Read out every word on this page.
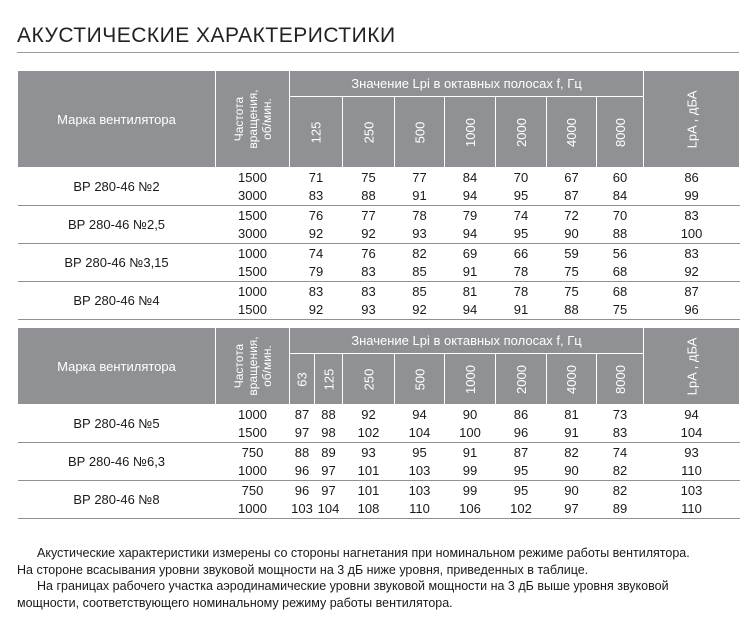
АКУСТИЧЕСКИЕ ХАРАКТЕРИСТИКИ
Марка вентилятора	Частота вращения, об/мин.	Значение Lpi в октавных полосах f, Гц							LpA , дБА
		125	250	500	1000	2000	4000	8000	
ВР 280-46 №2	1500	71	75	77	84	70	67	60	86
	3000	83	88	91	94	95	87	84	99
ВР 280-46 №2,5	1500	76	77	78	79	74	72	70	83
	3000	92	92	93	94	95	90	88	100
ВР 280-46 №3,15	1000	74	76	82	69	66	59	56	83
	1500	79	83	85	91	78	75	68	92
ВР 280-46 №4	1000	83	83	85	81	78	75	68	87
	1500	92	93	92	94	91	88	75	96
Марка вентилятора	Частота вращения, об/мин.	Значение Lpi в октавных полосах f, Гц								LpA , дБА
		63	125	250	500	1000	2000	4000	8000	
ВР 280-46 №5	1000	87	88	92	94	90	86	81	73	94
	1500	97	98	102	104	100	96	91	83	104
ВР 280-46 №6,3	750	88	89	93	95	91	87	82	74	93
	1000	96	97	101	103	99	95	90	82	110
ВР 280-46 №8	750	96	97	101	103	99	95	90	82	103
	1000	103	104	108	110	106	102	97	89	110

Акустические характеристики измерены со стороны нагнетания при номинальном режиме работы вентилятора.

На стороне всасывания уровни звуковой мощности на 3 дБ ниже уровня, приведенных в таблице.

На границах рабочего участка аэродинамические уровни звуковой мощности на 3 дБ выше уровня звуковой

мощности, соответствующего номинальному режиму работы вентилятора.
